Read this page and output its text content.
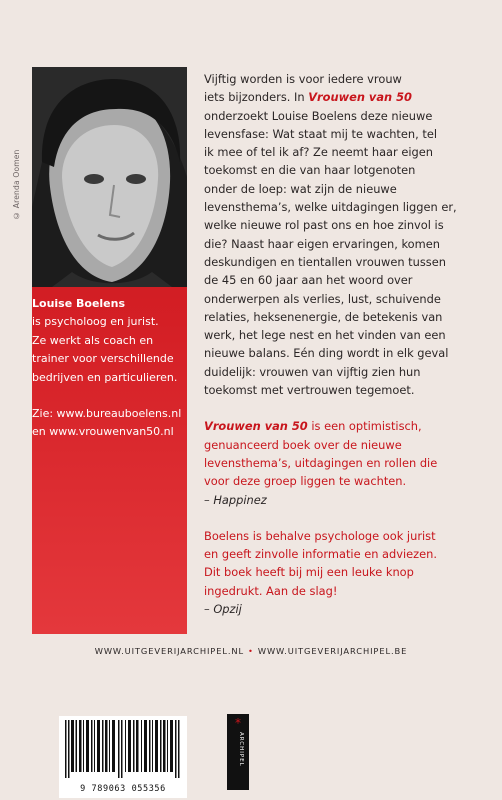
© Arenda Oomen

Louise Boelens

is psycholoog en jurist.

Ze werkt als coach en

trainer voor verschillende

bedrijven en particulieren.

Zie: www.bureauboelens.nl

en www.vrouwenvan50.nl

Vijftig worden is voor iedere vrouw

iets bijzonders. In Vrouwen van 50

onderzoekt Louise Boelens deze nieuwe

levensfase: Wat staat mij te wachten, tel

ik mee of tel ik af? Ze neemt haar eigen

toekomst en die van haar lotgenoten

onder de loep: wat zijn de nieuwe

levensthema’s, welke uitdagingen liggen er,

welke nieuwe rol past ons en hoe zinvol is

die? Naast haar eigen ervaringen, komen

deskundigen en tientallen vrouwen tussen

de 45 en 60 jaar aan het woord over

onderwerpen als verlies, lust, schuivende

relaties, heksenenergie, de betekenis van

werk, het lege nest en het vinden van een

nieuwe balans. Eén ding wordt in elk geval

duidelijk: vrouwen van vijftig zien hun

toekomst met vertrouwen tegemoet.

Vrouwen van 50 is een optimistisch,

genuanceerd boek over de nieuwe

levensthema’s, uitdagingen en rollen die

voor deze groep liggen te wachten.

– Happinez

Boelens is behalve psychologe ook jurist

en geeft zinvolle informatie en adviezen.

Dit boek heeft bij mij een leuke knop

ingedrukt. Aan de slag!

– Opzij

WWW.UITGEVERIJARCHIPEL.NL • WWW.UITGEVERIJARCHIPEL.BE
9 789063 055356
*
ARCHIPEL
